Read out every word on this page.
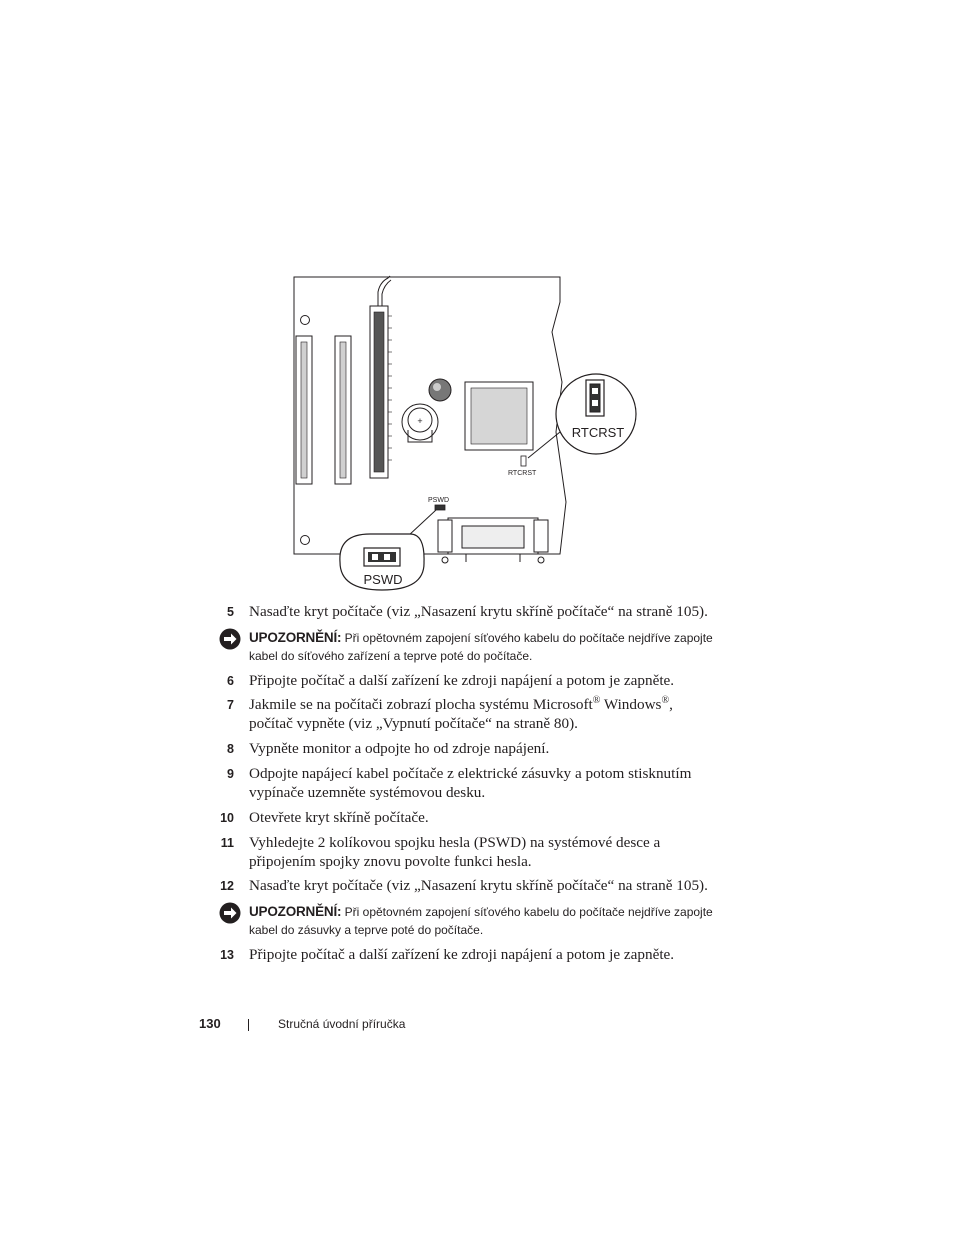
+
RTCRST
RTCRST
PSWD
PSWD
5 Nasaďte kryt počítače (viz „Nasazení krytu skříně počítače“ na straně 105).
UPOZORNĚNÍ: Při opětovném zapojení síťového kabelu do počítače nejdříve zapojte
kabel do síťového zařízení a teprve poté do počítače.
6 Připojte počítač a další zařízení ke zdroji napájení a potom je zapněte.
7 Jakmile se na počítači zobrazí plocha systému Microsoft® Windows®,
počítač vypněte (viz „Vypnutí počítače“ na straně 80).
8 Vypněte monitor a odpojte ho od zdroje napájení.
9 Odpojte napájecí kabel počítače z elektrické zásuvky a potom stisknutím
vypínače uzemněte systémovou desku.
10 Otevřete kryt skříně počítače.
11 Vyhledejte 2 kolíkovou spojku hesla (PSWD) na systémové desce a
připojením spojky znovu povolte funkci hesla.
12 Nasaďte kryt počítače (viz „Nasazení krytu skříně počítače“ na straně 105).
UPOZORNĚNÍ: Při opětovném zapojení síťového kabelu do počítače nejdříve zapojte
kabel do zásuvky a teprve poté do počítače.
13 Připojte počítač a další zařízení ke zdroji napájení a potom je zapněte.
130	Stručná úvodní příručka
